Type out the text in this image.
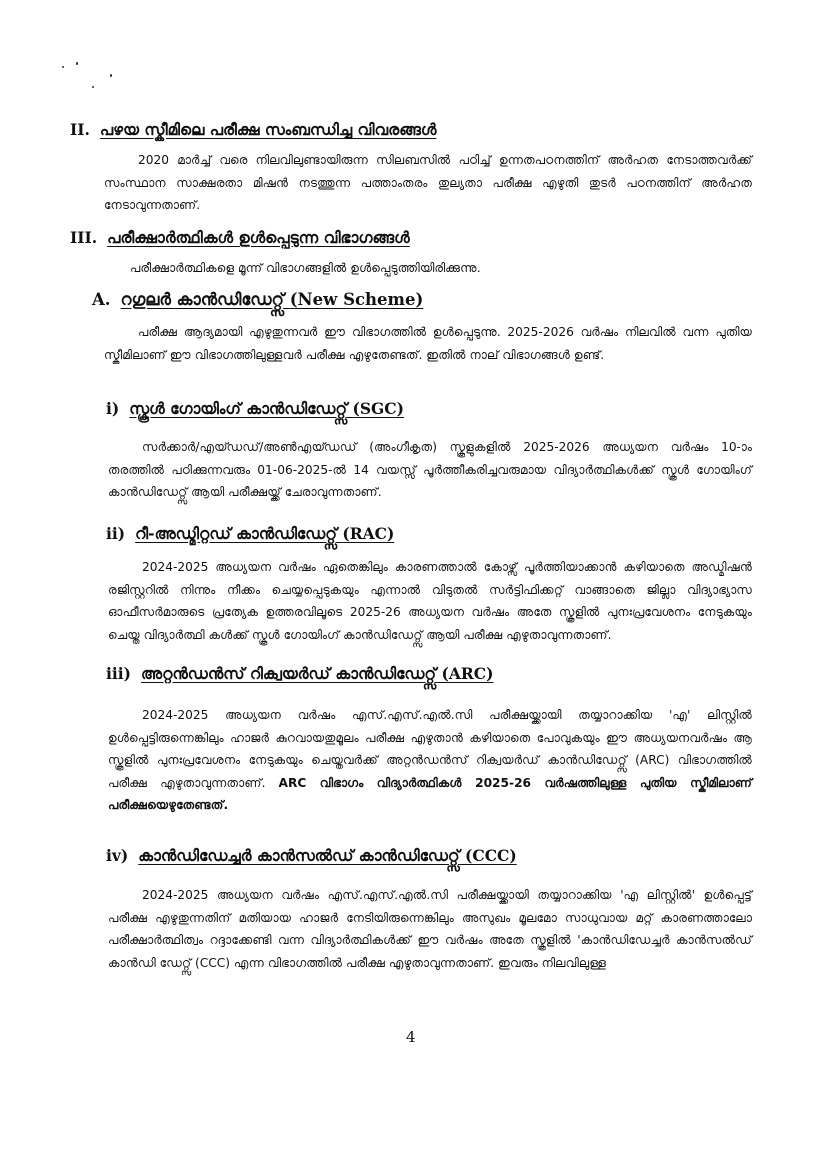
II. പഴയ സ്കീമിലെ പരീക്ഷ സംബന്ധിച്ച വിവരങ്ങൾ
2020 മാർച്ച് വരെ നിലവിലുണ്ടായിരുന്ന സിലബസിൽ പഠിച്ച് ഉന്നതപഠനത്തിന് അർഹത നേടാത്തവർക്ക് സംസ്ഥാന സാക്ഷരതാ മിഷൻ നടത്തുന്ന പത്താംതരം തുല്യതാ പരീക്ഷ എഴുതി തുടർ പഠനത്തിന് അർഹത നേടാവുന്നതാണ്.
III. പരീക്ഷാർത്ഥികൾ ഉൾപ്പെടുന്ന വിഭാഗങ്ങൾ
പരീക്ഷാർത്ഥികളെ മൂന്ന് വിഭാഗങ്ങളിൽ ഉൾപ്പെടുത്തിയിരിക്കുന്നു.
A. റഗുലർ കാൻഡിഡേറ്റ്സ് (New Scheme)
പരീക്ഷ ആദ്യമായി എഴുതുന്നവർ ഈ വിഭാഗത്തിൽ ഉൾപ്പെടുന്നു. 2025-2026 വർഷം നിലവിൽ വന്ന പുതിയ സ്കീമിലാണ് ഈ വിഭാഗത്തിലുള്ളവർ പരീക്ഷ എഴുതേണ്ടത്. ഇതിൽ നാല് വിഭാഗങ്ങൾ ഉണ്ട്.
i) സ്കൂൾ ഗോയിംഗ് കാൻഡിഡേറ്റ്സ് (SGC)
സർക്കാർ/എയ്ഡഡ്/അൺഎയ്ഡഡ് (അംഗീകൃത) സ്കൂളുകളിൽ 2025-2026 അധ്യയന വർഷം 10-ാം തരത്തിൽ പഠിക്കുന്നവരും 01-06-2025-ൽ 14 വയസ്സ് പൂർത്തീകരിച്ചവരുമായ വിദ്യാർത്ഥികൾക്ക് സ്കൂൾ ഗോയിംഗ് കാൻഡിഡേറ്റ്സ് ആയി പരീക്ഷയ്ക്ക് ചേരാവുന്നതാണ്.
ii) റീ-അഡ്മിറ്റഡ് കാൻഡിഡേറ്റ്സ് (RAC)
2024-2025 അധ്യയന വർഷം ഏതെങ്കിലും കാരണത്താൽ കോഴ്സ് പൂർത്തിയാക്കാൻ കഴിയാതെ അഡ്മിഷൻ രജിസ്റ്ററിൽ നിന്നും നീക്കം ചെയ്യപ്പെടുകയും എന്നാൽ വിടുതൽ സർട്ടിഫിക്കറ്റ് വാങ്ങാതെ ജില്ലാ വിദ്യാഭ്യാസ ഓഫീസർമാരുടെ പ്രത്യേക ഉത്തരവിലൂടെ 2025-26 അധ്യയന വർഷം അതേ സ്കൂളിൽ പുനഃപ്രവേശനം നേടുകയും ചെയ്ത വിദ്യാർത്ഥി കൾക്ക് സ്കൂൾ ഗോയിംഗ് കാൻഡിഡേറ്റ്സ് ആയി പരീക്ഷ എഴുതാവുന്നതാണ്.
iii) അറ്റൻഡൻസ് റിക്വയർഡ് കാൻഡിഡേറ്റ്സ് (ARC)
2024-2025 അധ്യയന വർഷം എസ്.എസ്.എൽ.സി പരീക്ഷയ്ക്കായി തയ്യാറാക്കിയ 'എ' ലിസ്റ്റിൽ ഉൾപ്പെട്ടിരുന്നെങ്കിലും ഹാജർ കുറവായതുമൂലം പരീക്ഷ എഴുതാൻ കഴിയാതെ പോവുകയും ഈ അധ്യയനവർഷം ആ സ്കൂളിൽ പുനഃപ്രവേശനം നേടുകയും ചെയ്തവർക്ക് അറ്റൻഡൻസ് റിക്വയർഡ് കാൻഡിഡേറ്റ്സ് (ARC) വിഭാഗത്തിൽ പരീക്ഷ എഴുതാവുന്നതാണ്. ARC വിഭാഗം വിദ്യാർത്ഥികൾ 2025-26 വർഷത്തിലുള്ള പുതിയ സ്കീമിലാണ് പരീക്ഷയെഴുതേണ്ടത്.
iv) കാൻഡിഡേച്ചർ കാൻസൽഡ് കാൻഡിഡേറ്റ്സ് (CCC)
2024-2025 അധ്യയന വർഷം എസ്.എസ്.എൽ.സി പരീക്ഷയ്ക്കായി തയ്യാറാക്കിയ 'എ ലിസ്റ്റിൽ' ഉൾപ്പെട്ട് പരീക്ഷ എഴുതുന്നതിന് മതിയായ ഹാജർ നേടിയിരുന്നെങ്കിലും അസുഖം മൂലമോ സാധുവായ മറ്റ് കാരണത്താലോ പരീക്ഷാർത്ഥിത്വം റദ്ദാക്കേണ്ടി വന്ന വിദ്യാർത്ഥികൾക്ക് ഈ വർഷം അതേ സ്കൂളിൽ 'കാൻഡിഡേച്ചർ കാൻസൽഡ് കാൻഡി ഡേറ്റ്സ് (CCC) എന്ന വിഭാഗത്തിൽ പരീക്ഷ എഴുതാവുന്നതാണ്. ഇവരും നിലവിലുള്ള
4
